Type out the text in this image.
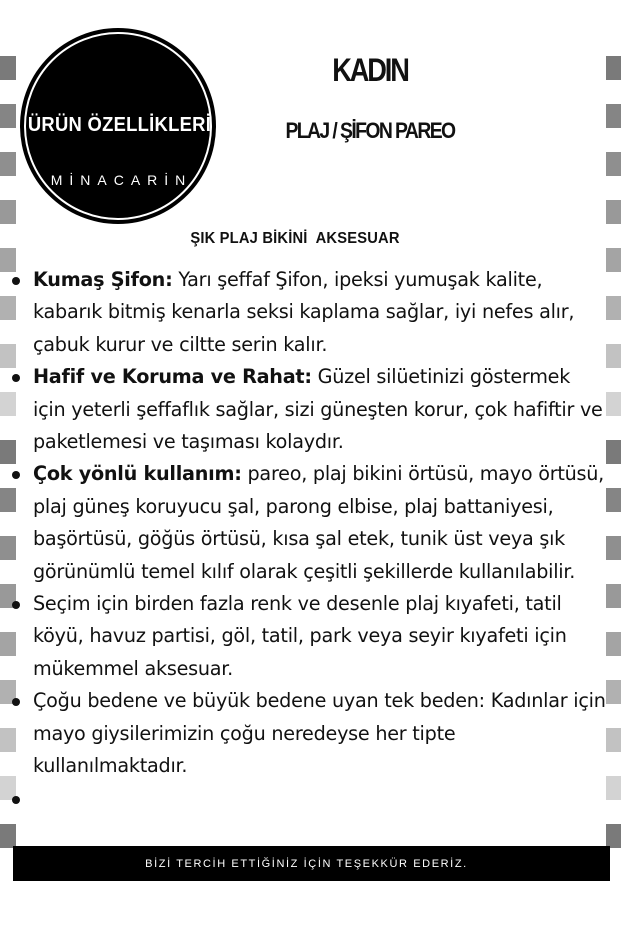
ÜRÜN ÖZELLİKLERİ
MİNACARİN
KADIN
PLAJ / ŞİFON PAREO
ŞIK PLAJ BİKİNİ  AKSESUAR
Kumaş Şifon: Yarı şeffaf Şifon, ipeksi yumuşak kalite, kabarık bitmiş kenarla seksi kaplama sağlar, iyi nefes alır, çabuk kurur ve ciltte serin kalır.
Hafif ve Koruma ve Rahat: Güzel silüetinizi göstermek için yeterli şeffaflık sağlar, sizi güneşten korur, çok hafiftir ve paketlemesi ve taşıması kolaydır.
Çok yönlü kullanım: pareo, plaj bikini örtüsü, mayo örtüsü, plaj güneş koruyucu şal, parong elbise, plaj battaniyesi, başörtüsü, göğüs örtüsü, kısa şal etek, tunik üst veya şık görünümlü temel kılıf olarak çeşitli şekillerde kullanılabilir.
Seçim için birden fazla renk ve desenle plaj kıyafeti, tatil köyü, havuz partisi, göl, tatil, park veya seyir kıyafeti için mükemmel aksesuar.
Çoğu bedene ve büyük bedene uyan tek beden: Kadınlar için mayo giysilerimizin çoğu neredeyse her tipte kullanılmaktadır.
BİZİ TERCİH ETTİĞİNİZ İÇİN TEŞEKKÜR EDERİZ.
